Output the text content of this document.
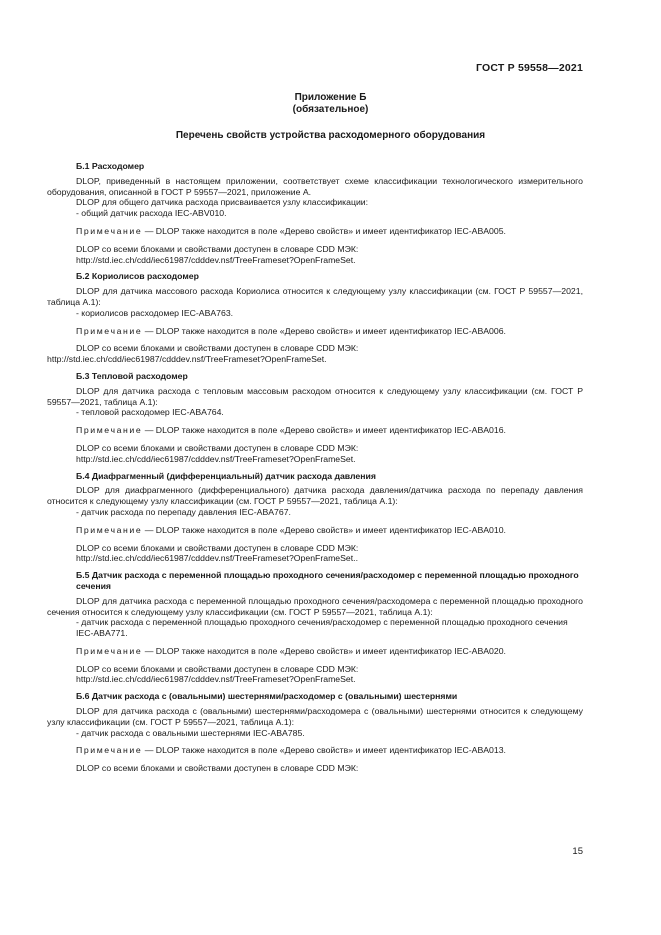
ГОСТ Р 59558—2021
Приложение Б
(обязательное)
Перечень свойств устройства расходомерного оборудования
Б.1 Расходомер

DLOP, приведенный в настоящем приложении, соответствует схеме классификации технологического измерительного оборудования, описанной в ГОСТ Р 59557—2021, приложение А.

DLOP для общего датчика расхода присваивается узлу классификации:

- общий датчик расхода IEC-ABV010.
Примечание — DLOP также находится в поле «Дерево свойств» и имеет идентификатор IEC-ABA005.
DLOP со всеми блоками и свойствами доступен в словаре CDD МЭК:
http://std.iec.ch/cdd/iec61987/cdddev.nsf/TreeFrameset?OpenFrameSet.
Б.2 Кориолисов расходомер

DLOP для датчика массового расхода Кориолиса относится к следующему узлу классификации (см. ГОСТ Р 59557—2021, таблица А.1):

- кориолисов расходомер IEC-ABA763.
Примечание — DLOP также находится в поле «Дерево свойств» и имеет идентификатор IEC-ABA006.
DLOP со всеми блоками и свойствами доступен в словаре CDD МЭК:
http://std.iec.ch/cdd/iec61987/cdddev.nsf/TreeFrameset?OpenFrameSet.
Б.3 Тепловой расходомер

DLOP для датчика расхода с тепловым массовым расходом относится к следующему узлу классификации (см. ГОСТ Р 59557—2021, таблица А.1):

- тепловой расходомер IEC-ABA764.
Примечание — DLOP также находится в поле «Дерево свойств» и имеет идентификатор IEC-ABA016.
DLOP со всеми блоками и свойствами доступен в словаре CDD МЭК:
http://std.iec.ch/cdd/iec61987/cdddev.nsf/TreeFrameset?OpenFrameSet.
Б.4 Диафрагменный (дифференциальный) датчик расхода давления

DLOP для диафрагменного (дифференциального) датчика расхода давления/датчика расхода по перепаду давления относится к следующему узлу классификации (см. ГОСТ Р 59557—2021, таблица А.1):

- датчик расхода по перепаду давления IEC-ABA767.
Примечание — DLOP также находится в поле «Дерево свойств» и имеет идентификатор IEC-ABA010.
DLOP со всеми блоками и свойствами доступен в словаре CDD МЭК:
http://std.iec.ch/cdd/iec61987/cdddev.nsf/TreeFrameset?OpenFrameSet..
Б.5 Датчик расхода с переменной площадью проходного сечения/расходомер с переменной площадью проходного сечения

DLOP для датчика расхода с переменной площадью проходного сечения/расходомера с переменной площадью проходного сечения относится к следующему узлу классификации (см. ГОСТ Р 59557—2021, таблица А.1):

- датчик расхода с переменной площадью проходного сечения/расходомер с переменной площадью проходного сечения IEC-ABA771.
Примечание — DLOP также находится в поле «Дерево свойств» и имеет идентификатор IEC-ABA020.
DLOP со всеми блоками и свойствами доступен в словаре CDD МЭК:
http://std.iec.ch/cdd/iec61987/cdddev.nsf/TreeFrameset?OpenFrameSet.
Б.6 Датчик расхода с (овальными) шестернями/расходомер с (овальными) шестернями

DLOP для датчика расхода с (овальными) шестернями/расходомера с (овальными) шестернями относится к следующему узлу классификации (см. ГОСТ Р 59557—2021, таблица А.1):

- датчик расхода с овальными шестернями IEC-ABA785.
Примечание — DLOP также находится в поле «Дерево свойств» и имеет идентификатор IEC-ABA013.
DLOP со всеми блоками и свойствами доступен в словаре CDD МЭК:
15
